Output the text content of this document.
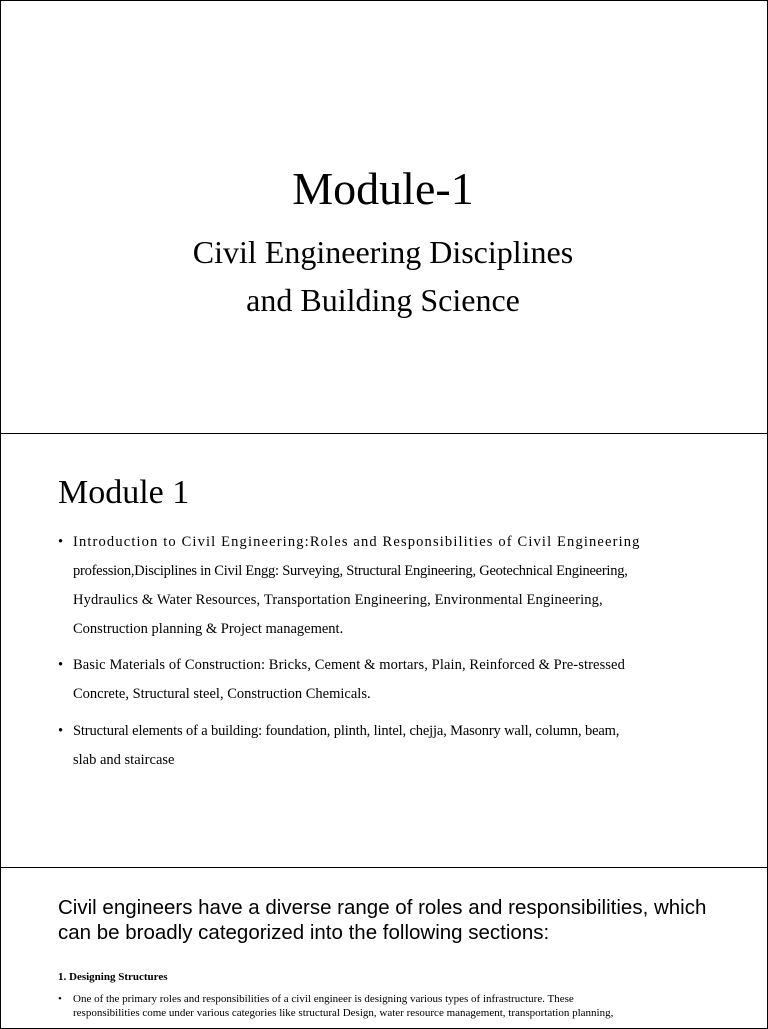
Module-1
Civil Engineering Disciplines
and Building Science
Module 1
• Introduction to Civil Engineering:Roles and Responsibilities of Civil Engineering
profession,Disciplines in Civil Engg: Surveying, Structural Engineering, Geotechnical Engineering,
Hydraulics & Water Resources, Transportation Engineering, Environmental Engineering,
Construction planning & Project management.
• Basic Materials of Construction: Bricks, Cement & mortars, Plain, Reinforced & Pre-stressed
Concrete, Structural steel, Construction Chemicals.
• Structural elements of a building: foundation, plinth, lintel, chejja, Masonry wall, column, beam,
slab and staircase
Civil engineers have a diverse range of roles and responsibilities, which
can be broadly categorized into the following sections:
1. Designing Structures
• One of the primary roles and responsibilities of a civil engineer is designing various types of infrastructure. These
responsibilities come under various categories like structural Design, water resource management, transportation planning,
